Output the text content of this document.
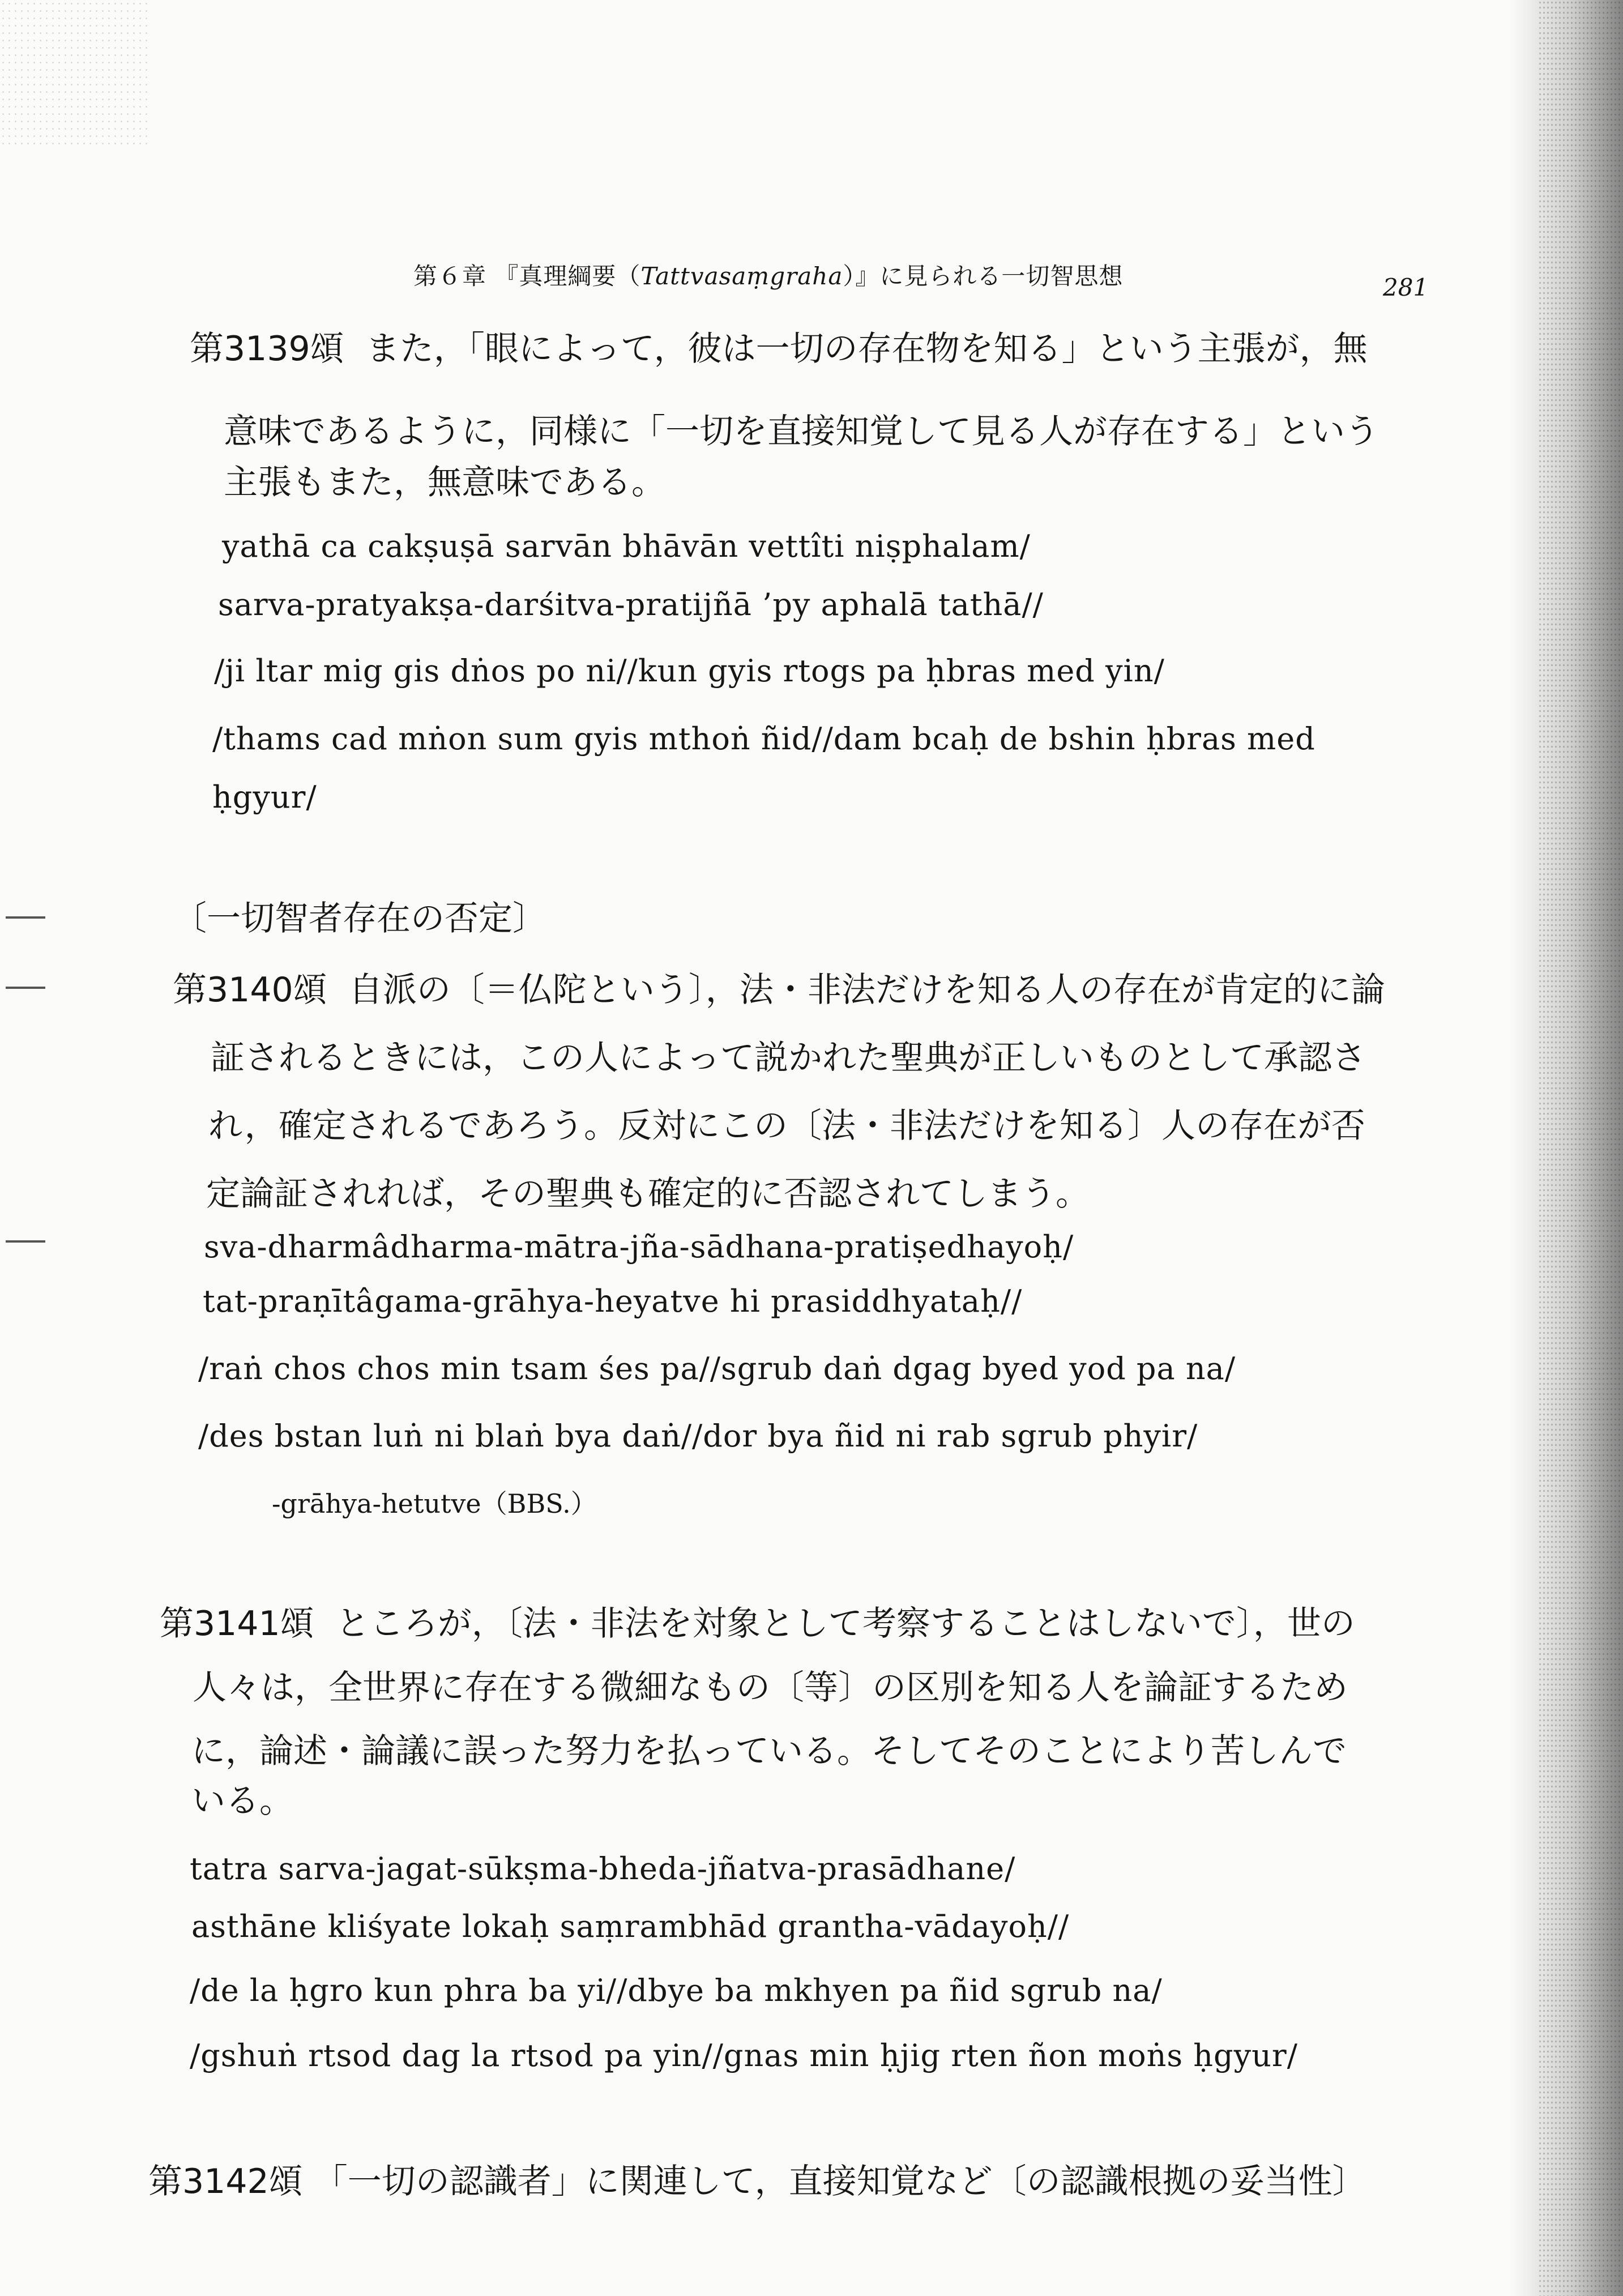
第６章 『真理綱要（Tattvasaṃgraha）』に見られる一切智思想	281
第3139頌 また，「眼によって，彼は一切の存在物を知る」という主張が，無
意味であるように，同様に「一切を直接知覚して見る人が存在する」という
主張もまた，無意味である。
yathā ca cakṣuṣā sarvān bhāvān vettîti niṣphalam/
sarva-pratyakṣa-darśitva-pratijñā ’py aphalā tathā//
/ji ltar mig gis dṅos po ni//kun gyis rtogs pa ḥbras med yin/
/thams cad mṅon sum gyis mthoṅ ñid//dam bcaḥ de bshin ḥbras med
ḥgyur/
〔一切智者存在の否定〕
第3140頌 自派の〔＝仏陀という〕，法・非法だけを知る人の存在が肯定的に論
証されるときには，この人によって説かれた聖典が正しいものとして承認さ
れ，確定されるであろう。反対にこの〔法・非法だけを知る〕人の存在が否
定論証されれば，その聖典も確定的に否認されてしまう。
sva-dharmâdharma-mātra-jña-sādhana-pratiṣedhayoḥ/
tat-praṇītâgama-grāhya-heyatve hi prasiddhyataḥ//
/raṅ chos chos min tsam śes pa//sgrub daṅ dgag byed yod pa na/
/des bstan luṅ ni blaṅ bya daṅ//dor bya ñid ni rab sgrub phyir/
-grāhya-hetutve（BBS.）
第3141頌 ところが，〔法・非法を対象として考察することはしないで〕，世の
人々は，全世界に存在する微細なもの〔等〕の区別を知る人を論証するため
に，論述・論議に誤った努力を払っている。そしてそのことにより苦しんで
いる。
tatra sarva-jagat-sūkṣma-bheda-jñatva-prasādhane/
asthāne kliśyate lokaḥ saṃrambhād grantha-vādayoḥ//
/de la ḥgro kun phra ba yi//dbye ba mkhyen pa ñid sgrub na/
/gshuṅ rtsod dag la rtsod pa yin//gnas min ḥjig rten ñon moṅs ḥgyur/
第3142頌 「一切の認識者」に関連して，直接知覚など〔の認識根拠の妥当性〕
